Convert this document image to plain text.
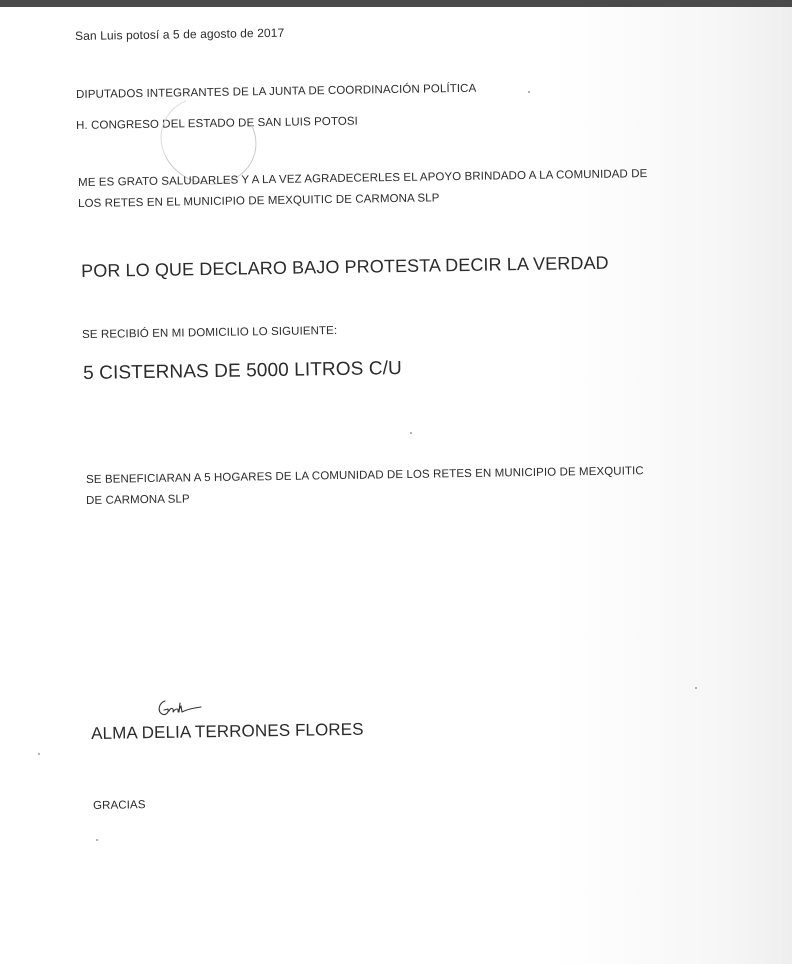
San Luis potosí a 5 de agosto de 2017
DIPUTADOS INTEGRANTES DE LA JUNTA DE COORDINACIÓN POLÍTICA
H. CONGRESO DEL ESTADO DE SAN LUIS POTOSI
ME ES GRATO SALUDARLES Y A LA VEZ AGRADECERLES EL APOYO BRINDADO A LA COMUNIDAD DE
LOS RETES EN EL MUNICIPIO DE MEXQUITIC DE CARMONA SLP
POR LO QUE DECLARO BAJO PROTESTA DECIR LA VERDAD
SE RECIBIÓ EN MI DOMICILIO LO SIGUIENTE:
5 CISTERNAS DE 5000 LITROS C/U
SE BENEFICIARAN A 5 HOGARES DE LA COMUNIDAD DE LOS RETES EN MUNICIPIO DE MEXQUITIC
DE CARMONA SLP
ALMA DELIA TERRONES FLORES
GRACIAS
